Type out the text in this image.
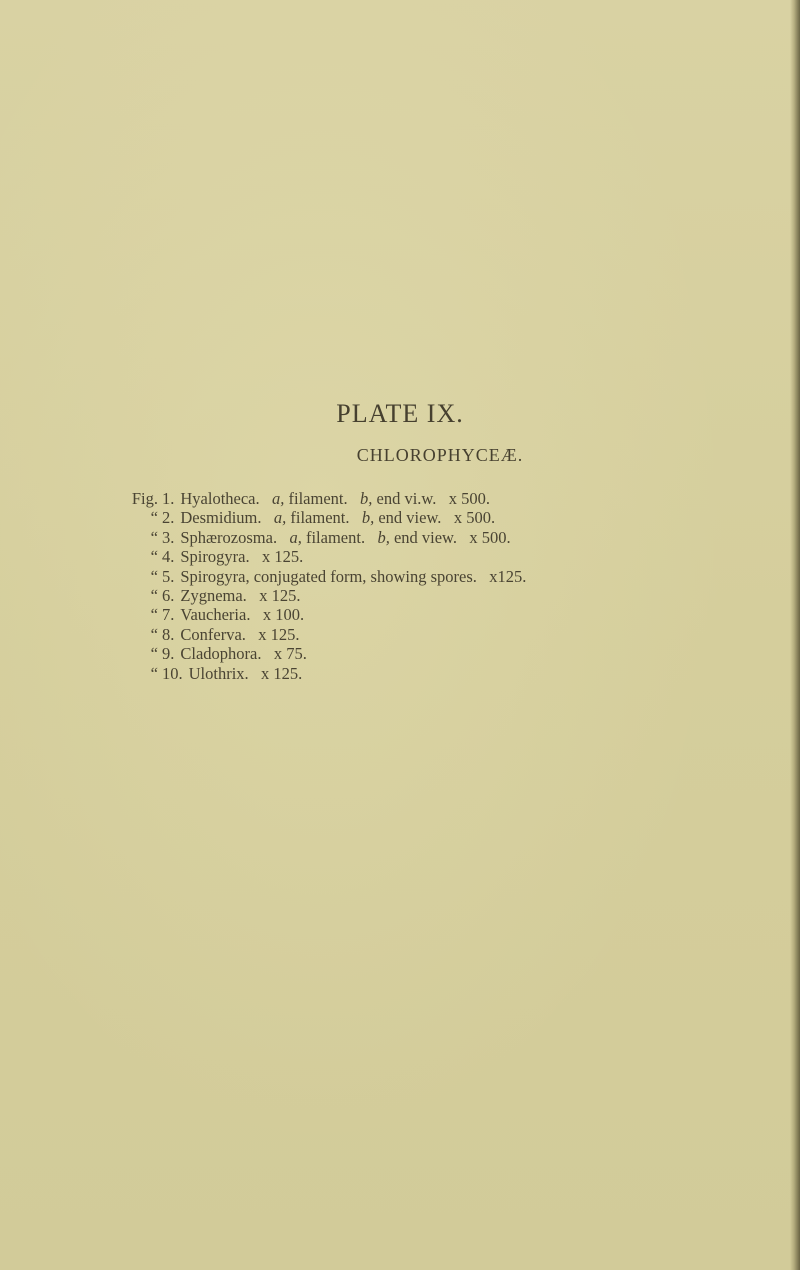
PLATE IX.
CHLOROPHYCEÆ.
Fig. 1. Hyalotheca. a, filament. b, end vi.w. x 500.
“ 2. Desmidium. a, filament. b, end view. x 500.
“ 3. Sphærozosma. a, filament. b, end view. x 500.
“ 4. Spirogyra. x 125.
“ 5. Spirogyra, conjugated form, showing spores. x125.
“ 6. Zygnema. x 125.
“ 7. Vaucheria. x 100.
“ 8. Conferva. x 125.
“ 9. Cladophora. x 75.
“ 10. Ulothrix. x 125.
